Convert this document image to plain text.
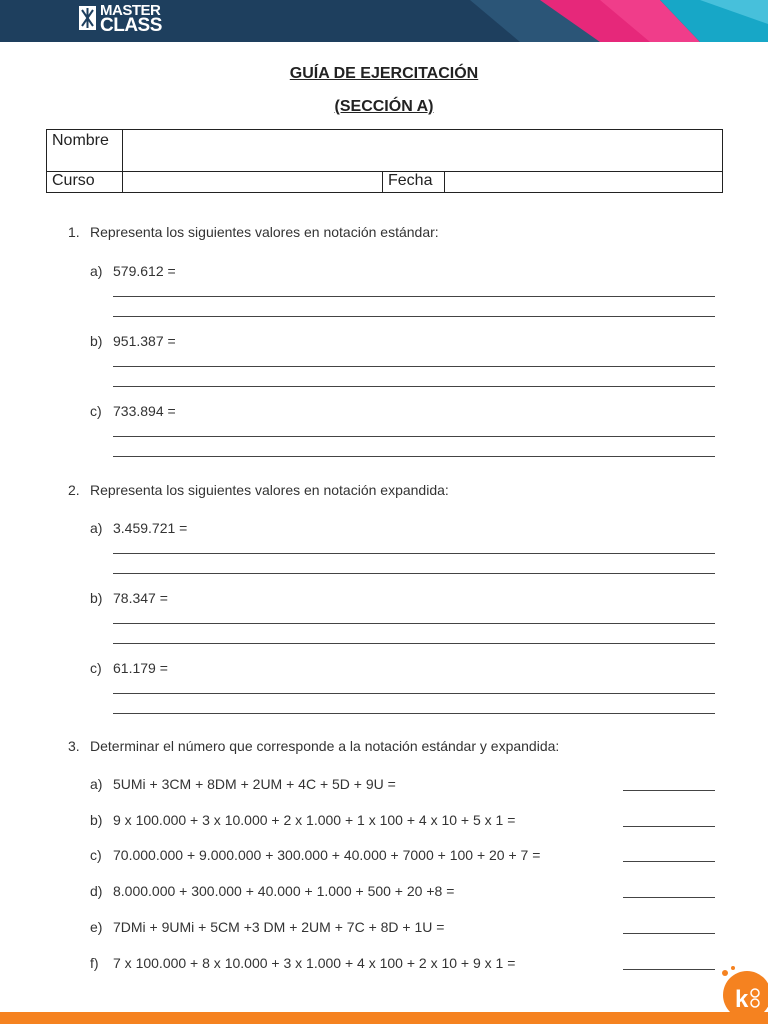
MASTER
CLASS
GUÍA DE EJERCITACIÓN
(SECCIÓN A)
Nombre			
Curso		Fecha	
1. Representa los siguientes valores en notación estándar:
a) 579.612 =
b) 951.387 =
c) 733.894 =
2. Representa los siguientes valores en notación expandida:
a) 3.459.721 =
b) 78.347 =
c) 61.179 =
3. Determinar el número que corresponde a la notación estándar y expandida:
a) 5UMi + 3CM + 8DM + 2UM + 4C + 5D + 9U =
b) 9 x 100.000 + 3 x 10.000 + 2 x 1.000 + 1 x 100 + 4 x 10 + 5 x 1 =
c) 70.000.000 + 9.000.000 + 300.000 + 40.000 + 7000 + 100 + 20 + 7 =
d) 8.000.000 + 300.000 + 40.000 + 1.000 + 500 + 20 +8 =
e) 7DMi + 9UMi + 5CM +3 DM + 2UM + 7C + 8D + 1U =
f) 7 x 100.000 + 8 x 10.000 + 3 x 1.000 + 4 x 100 + 2 x 10 + 9 x 1 =
k
